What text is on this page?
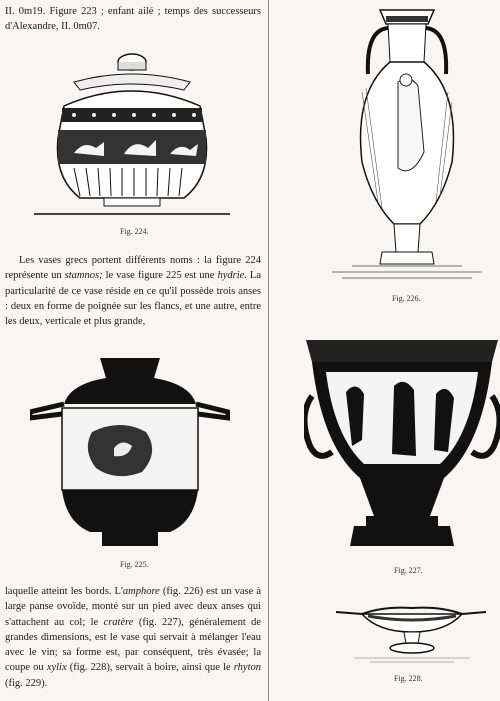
II. 0m19. Figure 223 ; enfant ailé ; temps des successeurs d'Alexandre, II. 0m07.

Fig. 224.

Les vases grecs portent différents noms : la figure 224 représente un stamnos; le vase figure 225 est une hydrie. La particularité de ce vase réside en ce qu'il possède trois anses : deux en forme de poignée sur les flancs, et une autre, entre les deux, verticale et plus grande,

Fig. 225.

laquelle atteint les bords. L'amphore (fig. 226) est un vase à large panse ovoïde, monté sur un pied avec deux anses qui s'attachent au col; le cratère (fig. 227), généralement de grandes dimensions, est le vase qui servait à mélanger l'eau avec le vin; sa forme est, par conséquent, très évasée; la coupe ou xylix (fig. 228), servait à boire, ainsi que le rhyton (fig. 229).

Fig. 226.
Fig. 227.
Fig. 228.
